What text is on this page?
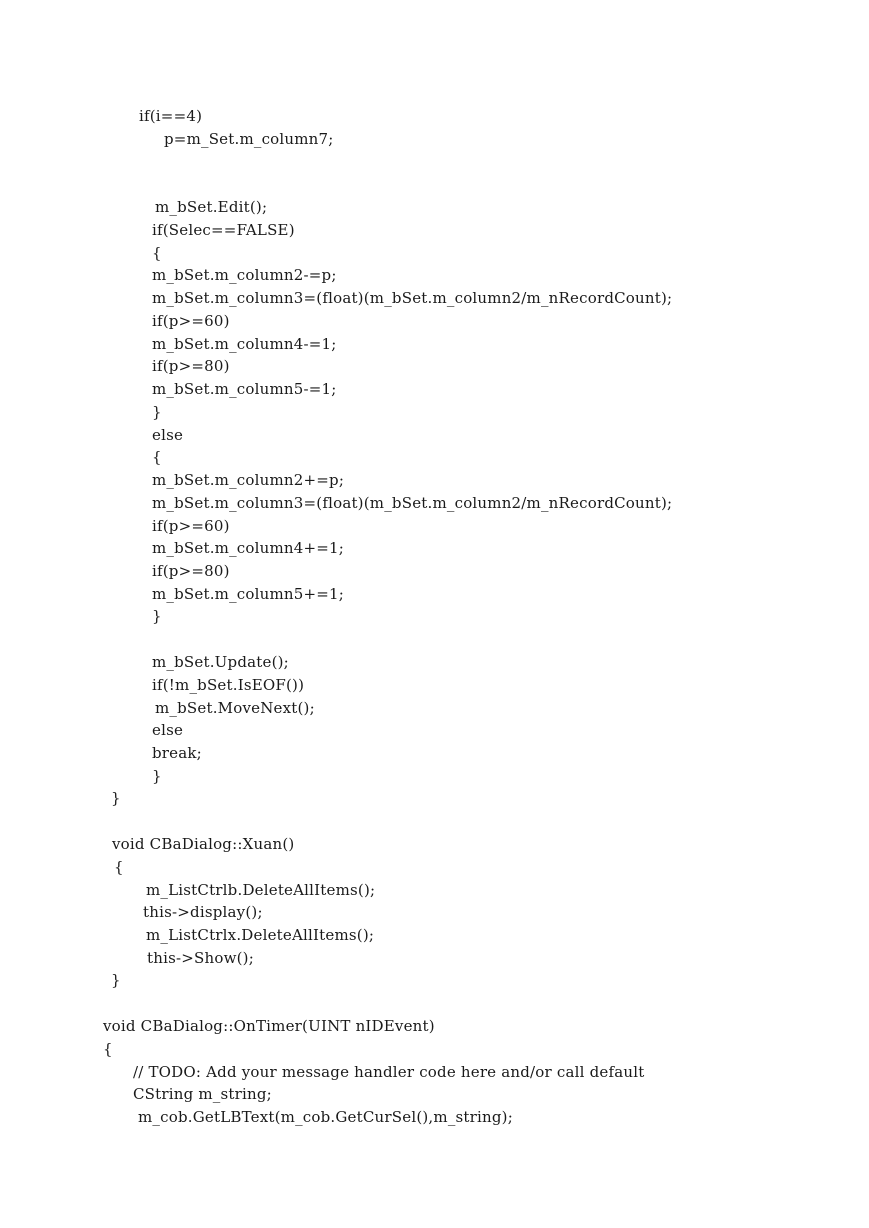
if(i==4)
p=m_Set.m_column7;
m_bSet.Edit();
if(Selec==FALSE)
{
m_bSet.m_column2-=p;
m_bSet.m_column3=(float)(m_bSet.m_column2/m_nRecordCount);
if(p>=60)
m_bSet.m_column4-=1;
if(p>=80)
m_bSet.m_column5-=1;
}
else
{
m_bSet.m_column2+=p;
m_bSet.m_column3=(float)(m_bSet.m_column2/m_nRecordCount);
if(p>=60)
m_bSet.m_column4+=1;
if(p>=80)
m_bSet.m_column5+=1;
}
m_bSet.Update();
if(!m_bSet.IsEOF())
m_bSet.MoveNext();
else
break;
}
}
void CBaDialog::Xuan()
{
m_ListCtrlb.DeleteAllItems();
this->display();
m_ListCtrlx.DeleteAllItems();
this->Show();
}
void CBaDialog::OnTimer(UINT nIDEvent)
{
// TODO: Add your message handler code here and/or call default
CString m_string;
m_cob.GetLBText(m_cob.GetCurSel(),m_string);
